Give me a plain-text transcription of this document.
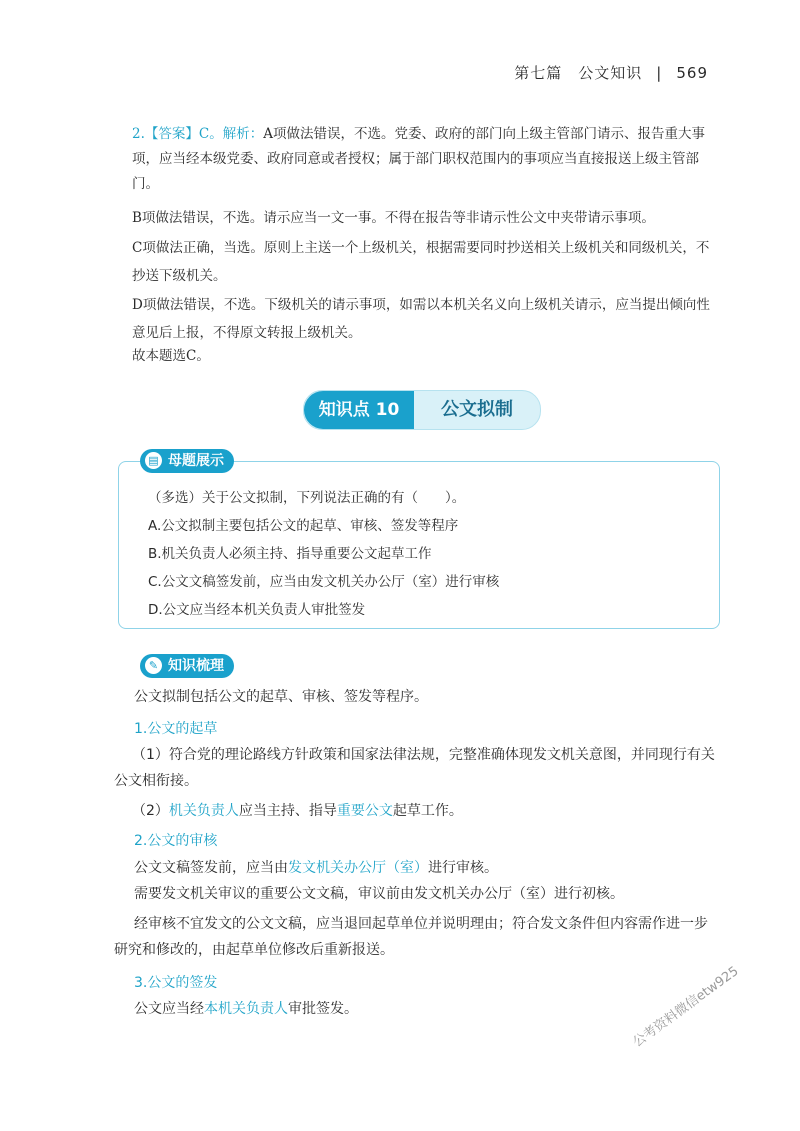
第七篇　公文知识 | 569
2.【答案】C。解析：A项做法错误，不选。党委、政府的部门向上级主管部门请示、报告重大事项，应当经本级党委、政府同意或者授权；属于部门职权范围内的事项应当直接报送上级主管部门。
B项做法错误，不选。请示应当一文一事。不得在报告等非请示性公文中夹带请示事项。
C项做法正确，当选。原则上主送一个上级机关，根据需要同时抄送相关上级机关和同级机关，不抄送下级机关。
D项做法错误，不选。下级机关的请示事项，如需以本机关名义向上级机关请示，应当提出倾向性意见后上报，不得原文转报上级机关。
故本题选C。
知识点 10	公文拟制
▤ 母题展示
（多选）关于公文拟制，下列说法正确的有（　　）。
A.公文拟制主要包括公文的起草、审核、签发等程序
B.机关负责人必须主持、指导重要公文起草工作
C.公文文稿签发前，应当由发文机关办公厅（室）进行审核
D.公文应当经本机关负责人审批签发
✎ 知识梳理
公文拟制包括公文的起草、审核、签发等程序。
1.公文的起草
（1）符合党的理论路线方针政策和国家法律法规，完整准确体现发文机关意图，并同现行有关公文相衔接。
（2）机关负责人应当主持、指导重要公文起草工作。
2.公文的审核
公文文稿签发前，应当由发文机关办公厅（室）进行审核。
需要发文机关审议的重要公文文稿，审议前由发文机关办公厅（室）进行初核。
经审核不宜发文的公文文稿，应当退回起草单位并说明理由；符合发文条件但内容需作进一步研究和修改的，由起草单位修改后重新报送。
3.公文的签发
公文应当经本机关负责人审批签发。	公考资料微信etw925
